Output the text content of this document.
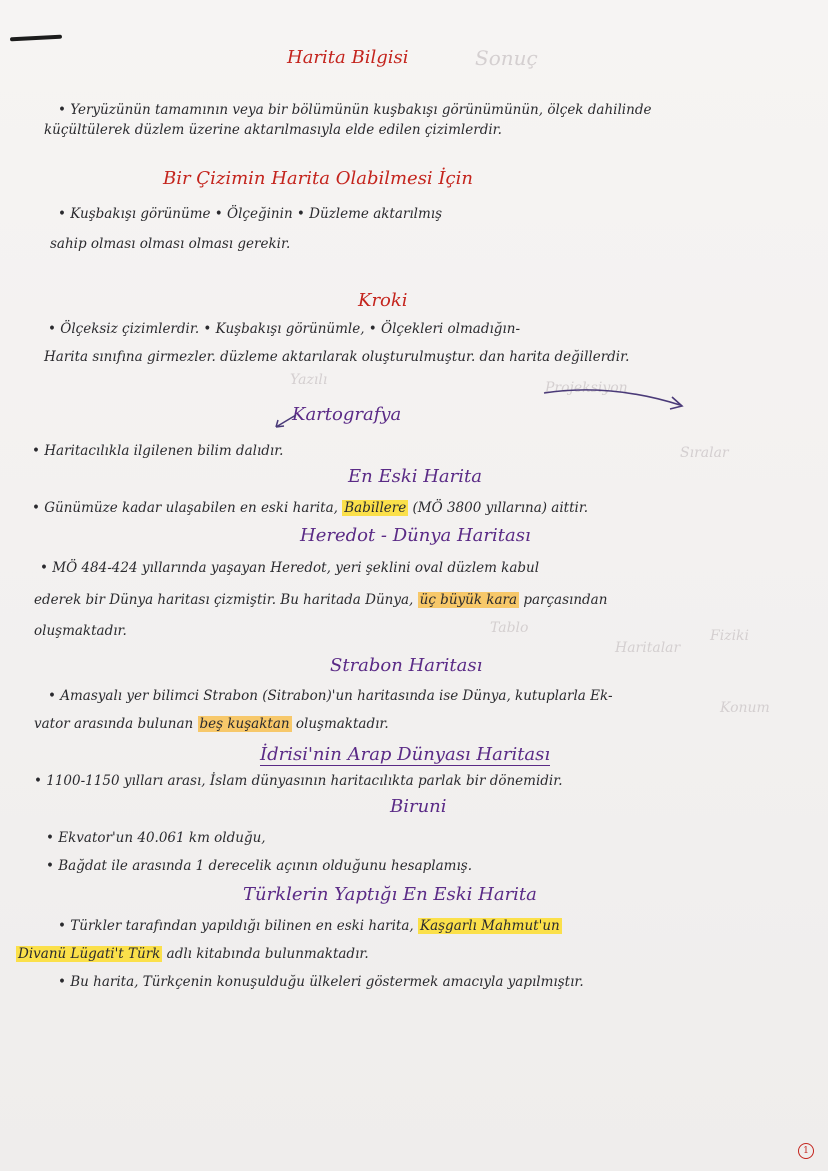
Sonuç
Yazılı	Projeksiyon
Sıralar
Tablo
Haritalar
Fiziki
Konum
Harita Bilgisi
• Yeryüzünün tamamının veya bir bölümünün kuşbakışı görünümünün, ölçek dahilinde
küçültülerek düzlem üzerine aktarılmasıyla elde edilen çizimlerdir.
Bir Çizimin Harita Olabilmesi İçin
• Kuşbakışı görünüme • Ölçeğinin • Düzleme aktarılmış
sahip olması olması olması gerekir.
Kroki
• Ölçeksiz çizimlerdir. • Kuşbakışı görünümle, • Ölçekleri olmadığın-
Harita sınıfına girmezler. düzleme aktarılarak oluşturulmuştur. dan harita değillerdir.
Kartografya
• Haritacılıkla ilgilenen bilim dalıdır.
En Eski Harita
• Günümüze kadar ulaşabilen en eski harita, Babillere (MÖ 3800 yıllarına) aittir.
Heredot - Dünya Haritası
• MÖ 484-424 yıllarında yaşayan Heredot, yeri şeklini oval düzlem kabul
ederek bir Dünya haritası çizmiştir. Bu haritada Dünya, üç büyük kara parçasından
oluşmaktadır.
Strabon Haritası
• Amasyalı yer bilimci Strabon (Sitrabon)'un haritasında ise Dünya, kutuplarla Ek-
vator arasında bulunan beş kuşaktan oluşmaktadır.
İdrisi'nin Arap Dünyası Haritası
• 1100-1150 yılları arası, İslam dünyasının haritacılıkta parlak bir dönemidir.
Biruni
• Ekvator'un 40.061 km olduğu,
• Bağdat ile arasında 1 derecelik açının olduğunu hesaplamış.
Türklerin Yaptığı En Eski Harita
• Türkler tarafından yapıldığı bilinen en eski harita, Kaşgarlı Mahmut'un
Divanü Lügati't Türk adlı kitabında bulunmaktadır.
• Bu harita, Türkçenin konuşulduğu ülkeleri göstermek amacıyla yapılmıştır.
1
